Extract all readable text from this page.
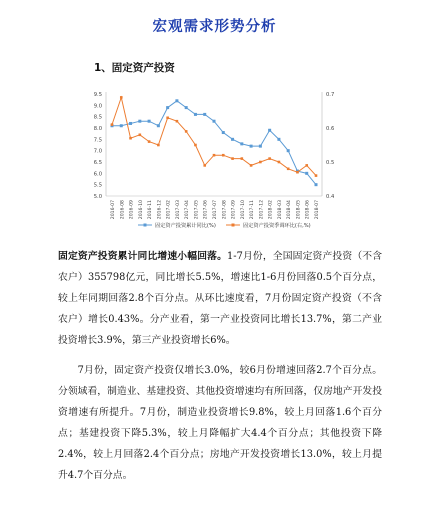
宏观需求形势分析
1、固定资产投资
9.5
9.0
8.5
8.0
7.5
7.0
6.5
6.0
5.5
5.0
0.7
0.6
0.5
0.4
2016-07 2016-08 2016-09 2016-10 2016-11 2016-12 2017-02 2017-03 2017-04 2017-05 2017-06 2017-07 2017-08 2017-09 2017-10 2017-11 2017-12 2018-02 2018-03 2018-04 2018-05 2018-06 2018-07
固定资产投资累计同比(%)	固定资产投资季调环比(右,%)

固定资产投资累计同比增速小幅回落。1-7月份，全国固定资产投资（不含农户）355798亿元，同比增长5.5%，增速比1-6月份回落0.5个百分点，较上年同期回落2.8个百分点。从环比速度看，7月份固定资产投资（不含农户）增长0.43%。分产业看，第一产业投资同比增长13.7%，第二产业投资增长3.9%，第三产业投资增长6%。

7月份，固定资产投资仅增长3.0%，较6月份增速回落2.7个百分点。分领域看，制造业、基建投资、其他投资增速均有所回落，仅房地产开发投资增速有所提升。7月份，制造业投资增长9.8%，较上月回落1.6个百分点；基建投资下降5.3%，较上月降幅扩大4.4个百分点；其他投资下降2.4%，较上月回落2.4个百分点；房地产开发投资增长13.0%，较上月提升4.7个百分点。
